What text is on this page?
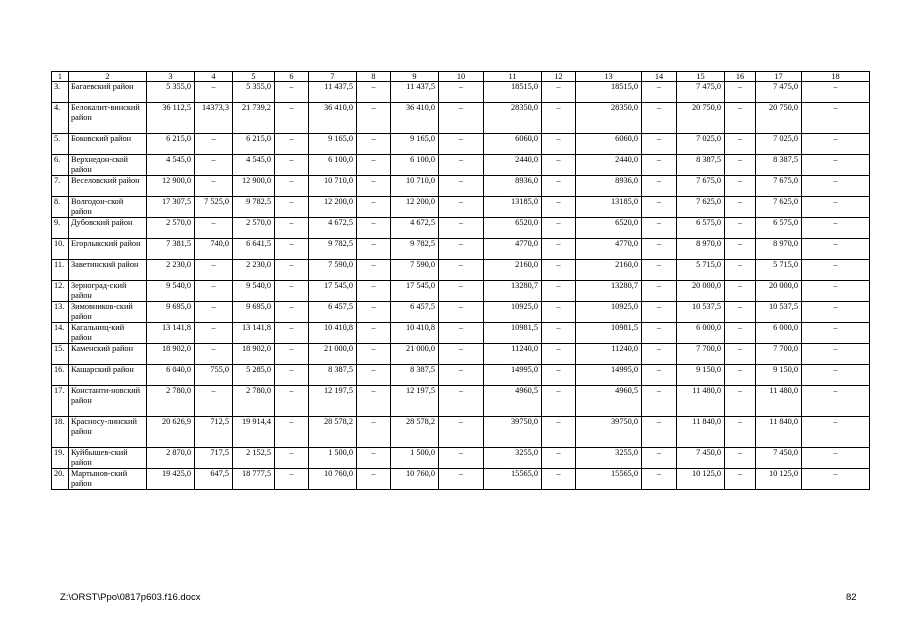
1	2	3	4	5	6	7	8	9	10	11	12	13	14	15	16	17	18
3.	Багаевский район	5 355,0	–	5 355,0	–	11 437,5	–	11 437,5	–	18515,0	–	18515,0	–	7 475,0	–	7 475,0	–
4.	Белокалит-винский район	36 112,5	14373,3	21 739,2	–	36 410,0	–	36 410,0	–	28350,0	–	28350,0	–	20 750,0	–	20 750,0	–
5.	Боковский район	6 215,0	–	6 215,0	–	9 165,0	–	9 165,0	–	6060,0	–	6060,0	–	7 025,0	–	7 025,0	–
6.	Верхнедон-ской район	4 545,0	–	4 545,0	–	6 100,0	–	6 100,0	–	2440,0	–	2440,0	–	8 387,5	–	8 387,5	–
7.	Веселовский район	12 900,0	–	12 900,0	–	10 710,0	–	10 710,0	–	8936,0	–	8936,0	–	7 675,0	–	7 675,0	–
8.	Волгодон-ской район	17 307,5	7 525,0	9 782,5	–	12 200,0	–	12 200,0	–	13185,0	–	13185,0	–	7 625,0	–	7 625,0	–
9.	Дубовский район	2 570,0	–	2 570,0	–	4 672,5	–	4 672,5	–	6520,0	–	6520,0	–	6 575,0	–	6 575,0	–
10.	Егорлыкский район	7 381,5	740,0	6 641,5	–	9 782,5	–	9 782,5	–	4770,0	–	4770,0	–	8 970,0	–	8 970,0	–
11.	Заветинский район	2 230,0	–	2 230,0	–	7 590,0	–	7 590,0	–	2160,0	–	2160,0	–	5 715,0	–	5 715,0	–
12.	Зерноград-ский район	9 540,0	–	9 540,0	–	17 545,0	–	17 545,0	–	13280,7	–	13280,7	–	20 000,0	–	20 000,0	–
13.	Зимовников-ский район	9 695,0	–	9 695,0	–	6 457,5	–	6 457,5	–	10925,0	–	10925,0	–	10 537,5	–	10 537,5	–
14.	Кагальниц-кий район	13 141,8	–	13 141,8	–	10 410,8	–	10 410,8	–	10981,5	–	10981,5	–	6 000,0	–	6 000,0	–
15.	Каменский район	18 902,0	–	18 902,0	–	21 000,0	–	21 000,0	–	11240,0	–	11240,0	–	7 700,0	–	7 700,0	–
16.	Кашарский район	6 040,0	755,0	5 285,0	–	8 387,5	–	8 387,5	–	14995,0	–	14995,0	–	9 150,0	–	9 150,0	–
17.	Константи-новский район	2 780,0	–	2 780,0	–	12 197,5	–	12 197,5	–	4960,5	–	4960,5	–	11 480,0	–	11 480,0	–
18.	Красносу-линский район	20 626,9	712,5	19 914,4	–	28 578,2	–	28 578,2	–	39750,0	–	39750,0	–	11 840,0	–	11 840,0	–
19.	Куйбышев-ский район	2 870,0	717,5	2 152,5	–	1 500,0	–	1 500,0	–	3255,0	–	3255,0	–	7 450,0	–	7 450,0	–
20.	Мартынов-ский район	19 425,0	647,5	18 777,5	–	10 760,0	–	10 760,0	–	15565,0	–	15565,0	–	10 125,0	–	10 125,0	–
Z:\ORST\Ppo\0817p603.f16.docx	82
